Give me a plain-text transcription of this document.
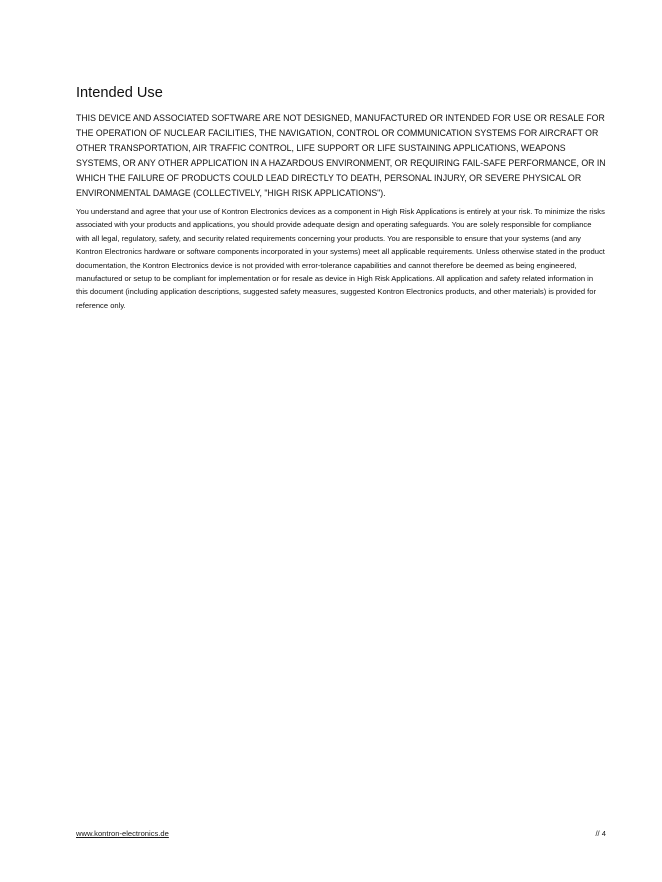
Intended Use

THIS DEVICE AND ASSOCIATED SOFTWARE ARE NOT DESIGNED, MANUFACTURED OR INTENDED FOR USE OR RESALE FOR THE OPERATION OF NUCLEAR FACILITIES, THE NAVIGATION, CONTROL OR COMMUNICATION SYSTEMS FOR AIRCRAFT OR OTHER TRANSPORTATION, AIR TRAFFIC CONTROL, LIFE SUPPORT OR LIFE SUSTAINING APPLICATIONS, WEAPONS SYSTEMS, OR ANY OTHER APPLICATION IN A HAZARDOUS ENVIRONMENT, OR REQUIRING FAIL-SAFE PERFORMANCE, OR IN WHICH THE FAILURE OF PRODUCTS COULD LEAD DIRECTLY TO DEATH, PERSONAL INJURY, OR SEVERE PHYSICAL OR ENVIRONMENTAL DAMAGE (COLLECTIVELY, "HIGH RISK APPLICATIONS").

You understand and agree that your use of Kontron Electronics devices as a component in High Risk Applications is entirely at your risk. To minimize the risks associated with your products and applications, you should provide adequate design and operating safeguards. You are solely responsible for compliance with all legal, regulatory, safety, and security related requirements concerning your products. You are responsible to ensure that your systems (and any Kontron Electronics hardware or software components incorporated in your systems) meet all applicable requirements. Unless otherwise stated in the product documentation, the Kontron Electronics device is not provided with error-tolerance capabilities and cannot therefore be deemed as being engineered, manufactured or setup to be compliant for implementation or for resale as device in High Risk Applications. All application and safety related information in this document (including application descriptions, suggested safety measures, suggested Kontron Electronics products, and other materials) is provided for reference only.

www.kontron-electronics.de	// 4
